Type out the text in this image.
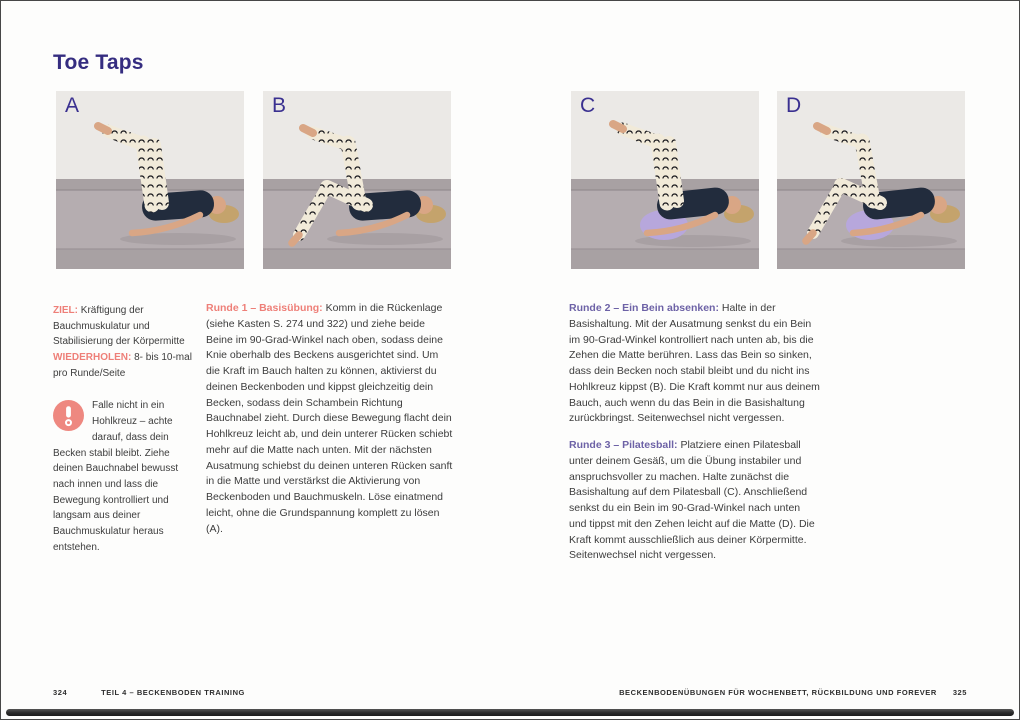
Toe Taps
A	B	C	D

ZIEL: Kräftigung der Bauchmuskulatur und Stabilisierung der Körpermitte
WIEDERHOLEN: 8- bis 10-mal pro Runde/Seite

Falle nicht in ein Hohlkreuz – achte darauf, dass dein Becken stabil bleibt. Ziehe deinen Bauchnabel bewusst nach innen und lass die Bewegung kontrolliert und langsam aus deiner Bauchmuskulatur heraus entstehen.

Runde 1 – Basisübung: Komm in die Rückenlage (siehe Kasten S. 274 und 322) und ziehe beide Beine im 90-Grad-Winkel nach oben, sodass deine Knie oberhalb des Beckens ausgerichtet sind. Um die Kraft im Bauch halten zu können, aktivierst du deinen Beckenboden und kippst gleichzeitig dein Becken, sodass dein Schambein Richtung Bauchnabel zieht. Durch diese Bewegung flacht dein Hohlkreuz leicht ab, und dein unterer Rücken schiebt mehr auf die Matte nach unten. Mit der nächsten Ausatmung schiebst du deinen unteren Rücken sanft in die Matte und verstärkst die Aktivierung von Beckenboden und Bauchmuskeln. Löse einatmend leicht, ohne die Grundspannung komplett zu lösen (A).

Runde 2 – Ein Bein absenken: Halte in der Basishaltung. Mit der Ausatmung senkst du ein Bein im 90-Grad-Winkel kontrolliert nach unten ab, bis die Zehen die Matte berühren. Lass das Bein so sinken, dass dein Becken noch stabil bleibt und du nicht ins Hohlkreuz kippst (B). Die Kraft kommt nur aus deinem Bauch, auch wenn du das Bein in die Basishaltung zurückbringst. Seitenwechsel nicht vergessen.

Runde 3 – Pilatesball: Platziere einen Pilatesball unter deinem Gesäß, um die Übung instabiler und anspruchsvoller zu machen. Halte zunächst die Basishaltung auf dem Pilatesball (C). Anschließend senkst du ein Bein im 90-Grad-Winkel nach unten und tippst mit den Zehen leicht auf die Matte (D). Die Kraft kommt ausschließlich aus deiner Körpermitte. Seitenwechsel nicht vergessen.

324	TEIL 4 – BECKENBODEN TRAINING	BECKENBODENÜBUNGEN FÜR WOCHENBETT, RÜCKBILDUNG UND FOREVER 325
